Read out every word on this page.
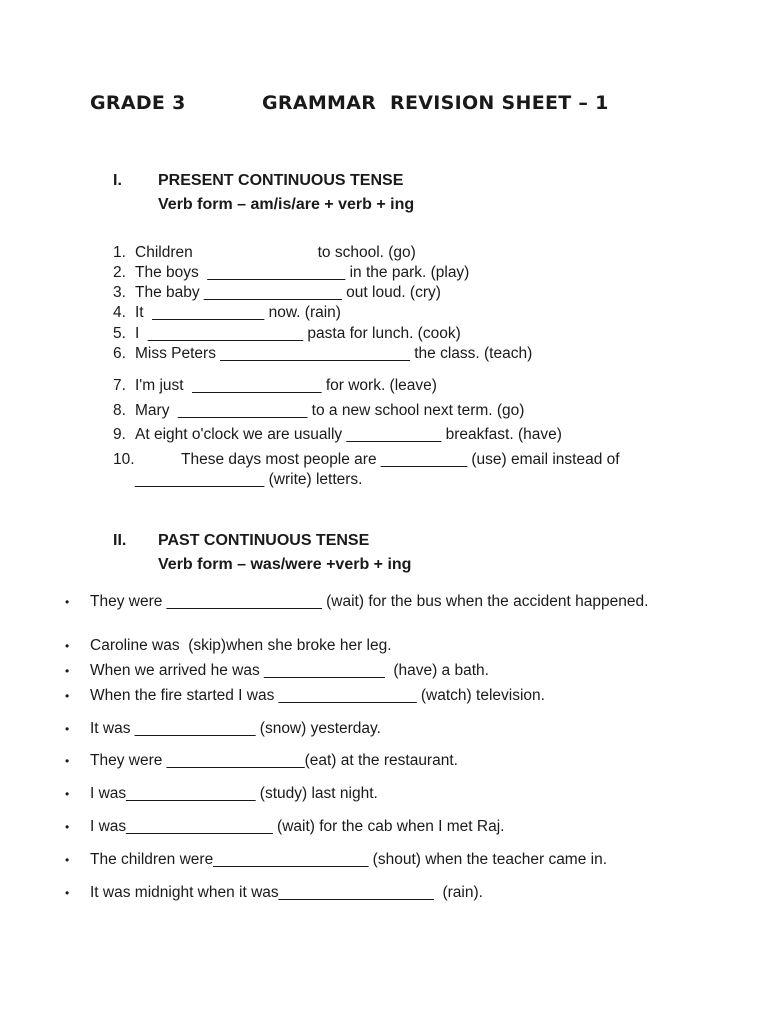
GRADE 3	GRAMMAR  REVISION SHEET – 1
I. PRESENT CONTINUOUS TENSE
Verb form – am/is/are + verb + ing
1. Children                             to school. (go)
2. The boys  ________________ in the park. (play)
3. The baby ________________ out loud. (cry)
4. It  _____________ now. (rain)
5. I  __________________ pasta for lunch. (cook)
6. Miss Peters ______________________ the class. (teach)
7. I'm just  _______________ for work. (leave)
8. Mary  _______________ to a new school next term. (go)
9. At eight o'clock we are usually ___________ breakfast. (have)
10.	These days most people are __________ (use) email instead of
_______________ (write) letters.
II. PAST CONTINUOUS TENSE
Verb form – was/were +verb + ing
• They were __________________ (wait) for the bus when the accident happened.
• Caroline was  (skip)when she broke her leg.
• When we arrived he was ______________  (have) a bath.
• When the fire started I was ________________ (watch) television.
• It was ______________ (snow) yesterday.
• They were ________________(eat) at the restaurant.
• I was_______________ (study) last night.
• I was_________________ (wait) for the cab when I met Raj.
• The children were__________________ (shout) when the teacher came in.
• It was midnight when it was__________________  (rain).
